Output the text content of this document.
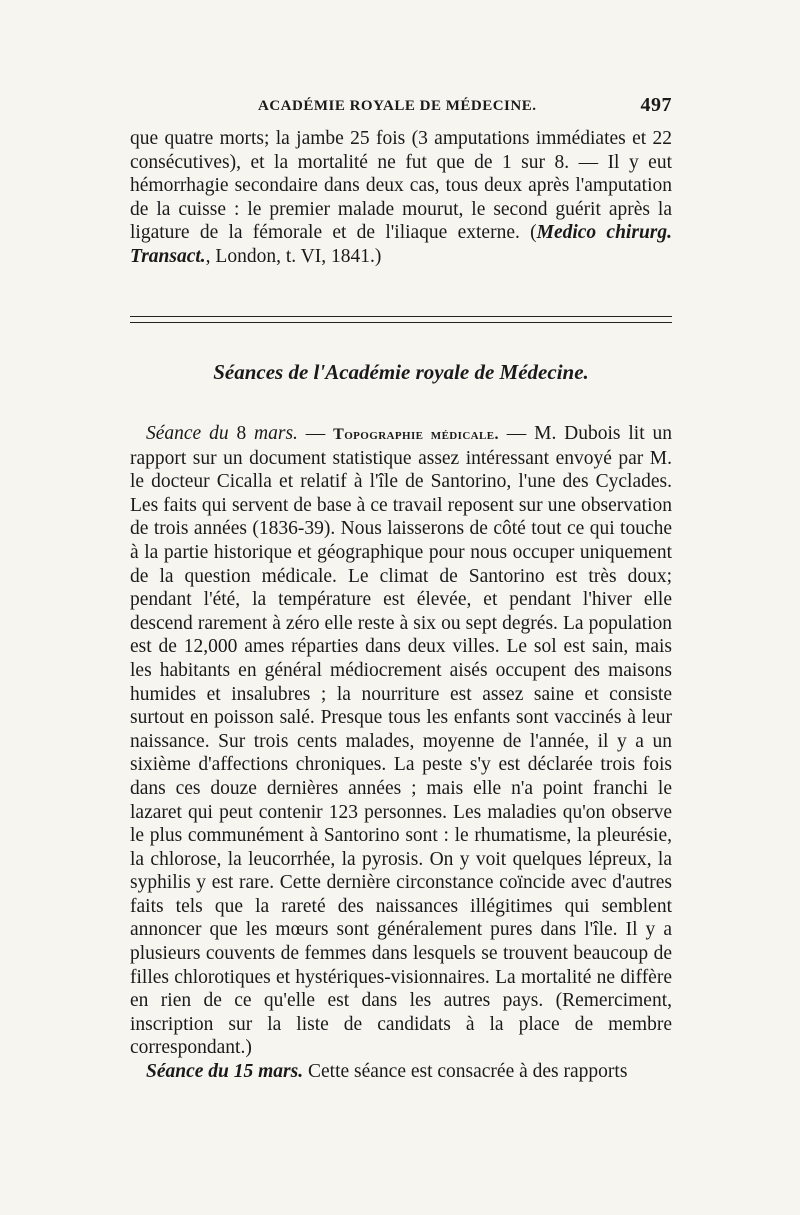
ACADÉMIE ROYALE DE MÉDECINE.	497

que quatre morts; la jambe 25 fois (3 amputations immédiates et 22 consécutives), et la mortalité ne fut que de 1 sur 8. — Il y eut hémorrhagie secondaire dans deux cas, tous deux après l'amputation de la cuisse : le premier malade mourut, le second guérit après la ligature de la fémorale et de l'iliaque externe. (Medico chirurg. Transact., London, t. VI, 1841.)

Séances de l'Académie royale de Médecine.

Séance du 8 mars. — Topographie médicale. — M. Dubois lit un rapport sur un document statistique assez intéressant envoyé par M. le docteur Cicalla et relatif à l'île de Santorino, l'une des Cyclades. Les faits qui servent de base à ce travail reposent sur une observation de trois années (1836-39). Nous laisserons de côté tout ce qui touche à la partie historique et géographique pour nous occuper uniquement de la question médicale. Le climat de Santorino est très doux; pendant l'été, la température est élevée, et pendant l'hiver elle descend rarement à zéro elle reste à six ou sept degrés. La population est de 12,000 ames réparties dans deux villes. Le sol est sain, mais les habitants en général médiocrement aisés occupent des maisons humides et insalubres ; la nourriture est assez saine et consiste surtout en poisson salé. Presque tous les enfants sont vaccinés à leur naissance. Sur trois cents malades, moyenne de l'année, il y a un sixième d'affections chroniques. La peste s'y est déclarée trois fois dans ces douze dernières années ; mais elle n'a point franchi le lazaret qui peut contenir 123 personnes. Les maladies qu'on observe le plus communément à Santorino sont : le rhumatisme, la pleurésie, la chlorose, la leucorrhée, la pyrosis. On y voit quelques lépreux, la syphilis y est rare. Cette dernière circonstance coïncide avec d'autres faits tels que la rareté des naissances illégitimes qui semblent annoncer que les mœurs sont généralement pures dans l'île. Il y a plusieurs couvents de femmes dans lesquels se trouvent beaucoup de filles chlorotiques et hystériques-visionnaires. La mortalité ne diffère en rien de ce qu'elle est dans les autres pays. (Remerciment, inscription sur la liste de candidats à la place de membre correspondant.)

Séance du 15 mars. Cette séance est consacrée à des rapports
